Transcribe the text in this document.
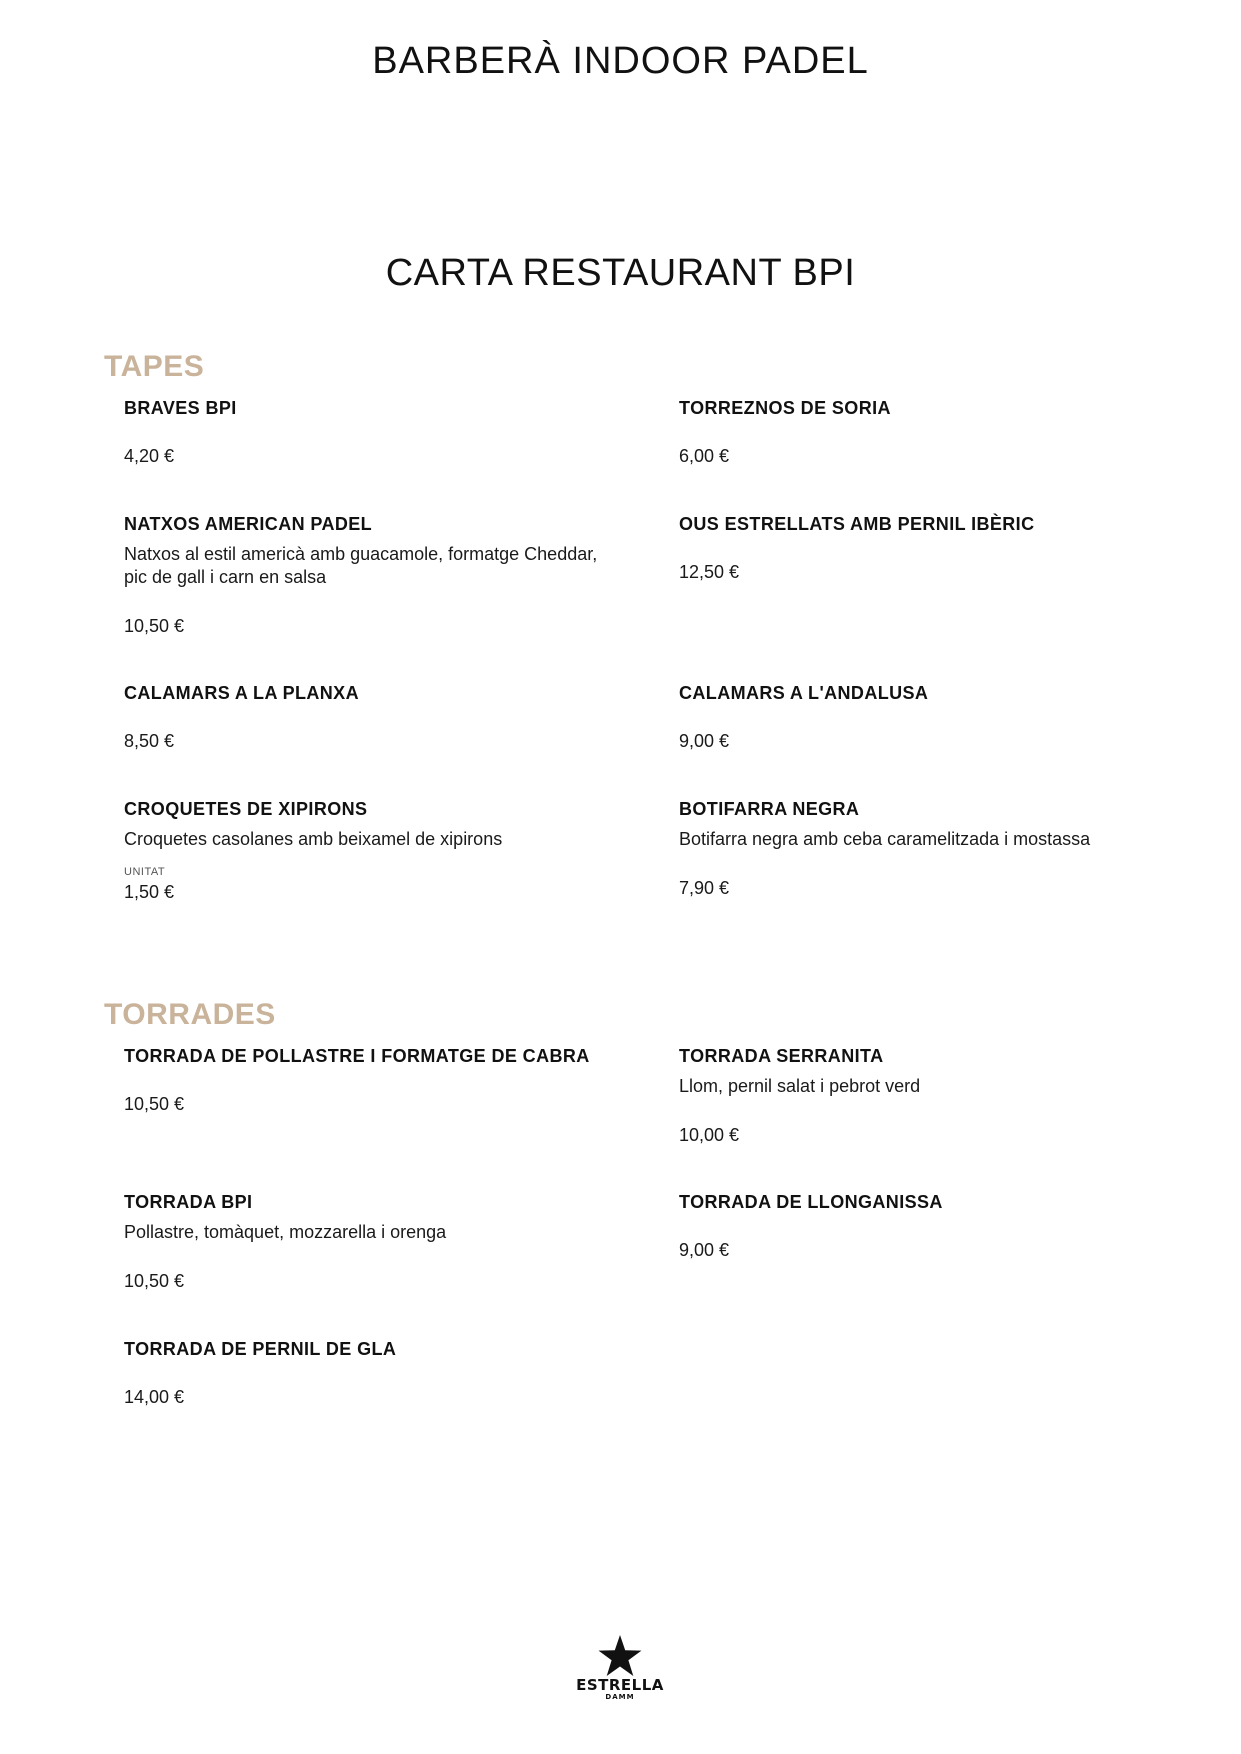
BARBERÀ INDOOR PADEL
CARTA RESTAURANT BPI
TAPES
BRAVES BPI
4,20 €
TORREZNOS DE SORIA
6,00 €
NATXOS AMERICAN PADEL
Natxos al estil americà amb guacamole, formatge Cheddar, pic de gall i carn en salsa
10,50 €
OUS ESTRELLATS AMB PERNIL IBÈRIC
12,50 €
CALAMARS A LA PLANXA
8,50 €
CALAMARS A L'ANDALUSA
9,00 €
CROQUETES DE XIPIRONS
Croquetes casolanes amb beixamel de xipirons
UNITAT
1,50 €
BOTIFARRA NEGRA
Botifarra negra amb ceba caramelitzada i mostassa
7,90 €
TORRADES
TORRADA DE POLLASTRE I FORMATGE DE CABRA
10,50 €
TORRADA SERRANITA
Llom, pernil salat i pebrot verd
10,00 €
TORRADA BPI
Pollastre, tomàquet, mozzarella i orenga
10,50 €
TORRADA DE LLONGANISSA
9,00 €
TORRADA DE PERNIL DE GLA
14,00 €
ESTRELLA
DAMM
